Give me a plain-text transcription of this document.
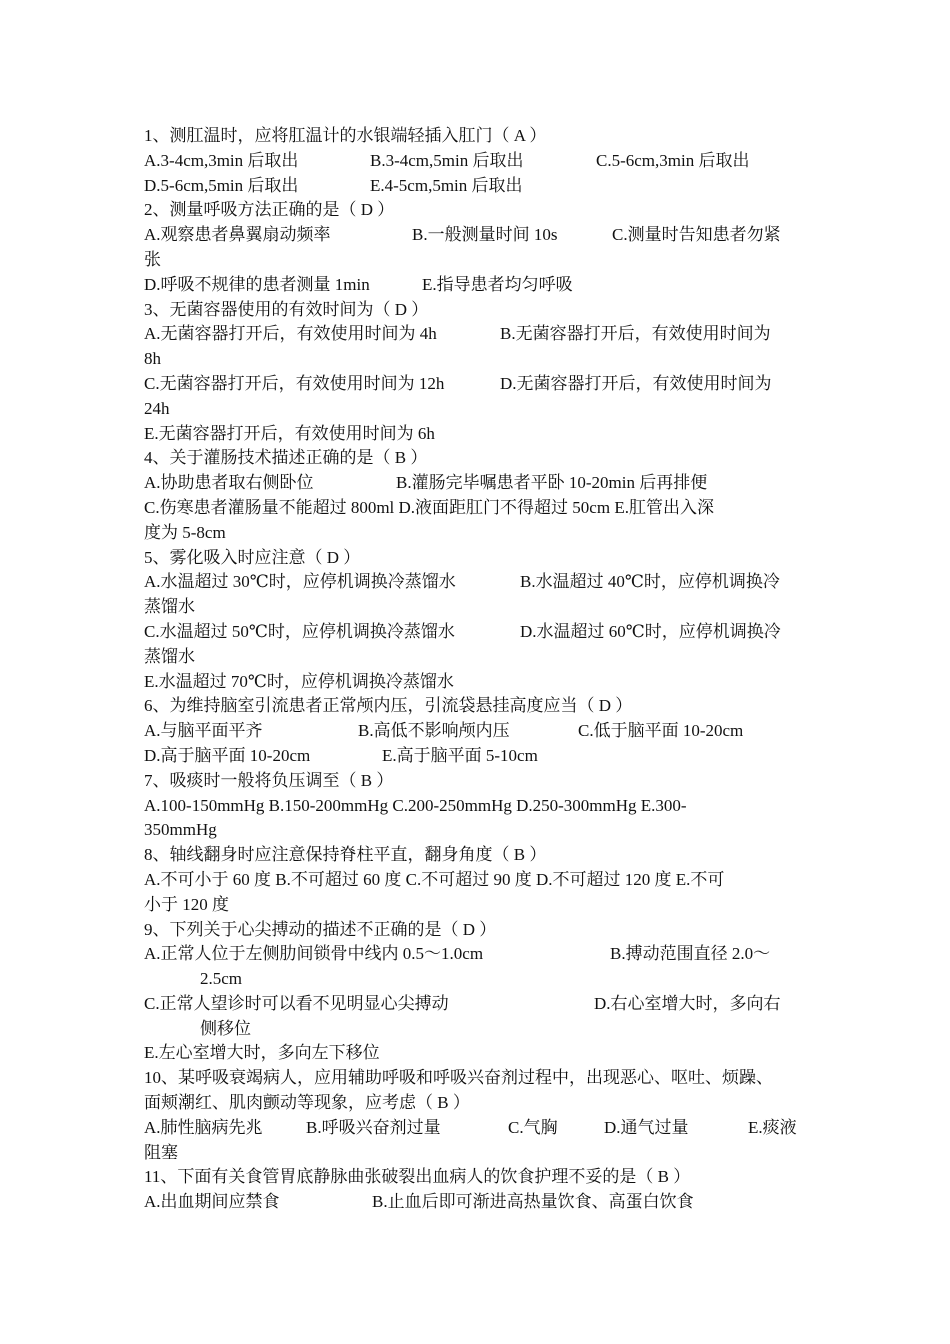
1、测肛温时，应将肛温计的水银端轻插入肛门（ A ）
A.3-4cm,3min 后取出	B.3-4cm,5min 后取出	C.5-6cm,3min 后取出
D.5-6cm,5min 后取出	E.4-5cm,5min 后取出
2、测量呼吸方法正确的是（ D ）
A.观察患者鼻翼扇动频率	B.一般测量时间 10s	C.测量时告知患者勿紧
张
D.呼吸不规律的患者测量 1min	E.指导患者均匀呼吸
3、无菌容器使用的有效时间为（ D ）
A.无菌容器打开后，有效使用时间为 4h	B.无菌容器打开后，有效使用时间为
8h
C.无菌容器打开后，有效使用时间为 12h	D.无菌容器打开后，有效使用时间为
24h
E.无菌容器打开后，有效使用时间为 6h
4、关于灌肠技术描述正确的是（ B ）
A.协助患者取右侧卧位	B.灌肠完毕嘱患者平卧 10-20min 后再排便
C.伤寒患者灌肠量不能超过 800ml D.液面距肛门不得超过 50cm E.肛管出入深
度为 5-8cm
5、雾化吸入时应注意（ D ）
A.水温超过 30℃时，应停机调换冷蒸馏水	B.水温超过 40℃时，应停机调换冷
蒸馏水
C.水温超过 50℃时，应停机调换冷蒸馏水	D.水温超过 60℃时，应停机调换冷
蒸馏水
E.水温超过 70℃时，应停机调换冷蒸馏水
6、为维持脑室引流患者正常颅内压，引流袋悬挂高度应当（ D ）
A.与脑平面平齐	B.高低不影响颅内压	C.低于脑平面 10-20cm
D.高于脑平面 10-20cm	E.高于脑平面 5-10cm
7、吸痰时一般将负压调至（ B ）
A.100-150mmHg B.150-200mmHg C.200-250mmHg D.250-300mmHg E.300-
350mmHg
8、轴线翻身时应注意保持脊柱平直，翻身角度（ B ）
A.不可小于 60 度 B.不可超过 60 度 C.不可超过 90 度 D.不可超过 120 度 E.不可
小于 120 度
9、下列关于心尖搏动的描述不正确的是（ D ）
A.正常人位于左侧肋间锁骨中线内 0.5～1.0cm	B.搏动范围直径 2.0～
2.5cm
C.正常人望诊时可以看不见明显心尖搏动	D.右心室增大时，多向右
侧移位
E.左心室增大时，多向左下移位
10、某呼吸衰竭病人，应用辅助呼吸和呼吸兴奋剂过程中，出现恶心、呕吐、烦躁、
面颊潮红、肌肉颤动等现象，应考虑（ B ）
A.肺性脑病先兆	B.呼吸兴奋剂过量	C.气胸	D.通气过量	E.痰液
阻塞
11、下面有关食管胃底静脉曲张破裂出血病人的饮食护理不妥的是（ B ）
A.出血期间应禁食	B.止血后即可渐进高热量饮食、高蛋白饮食
